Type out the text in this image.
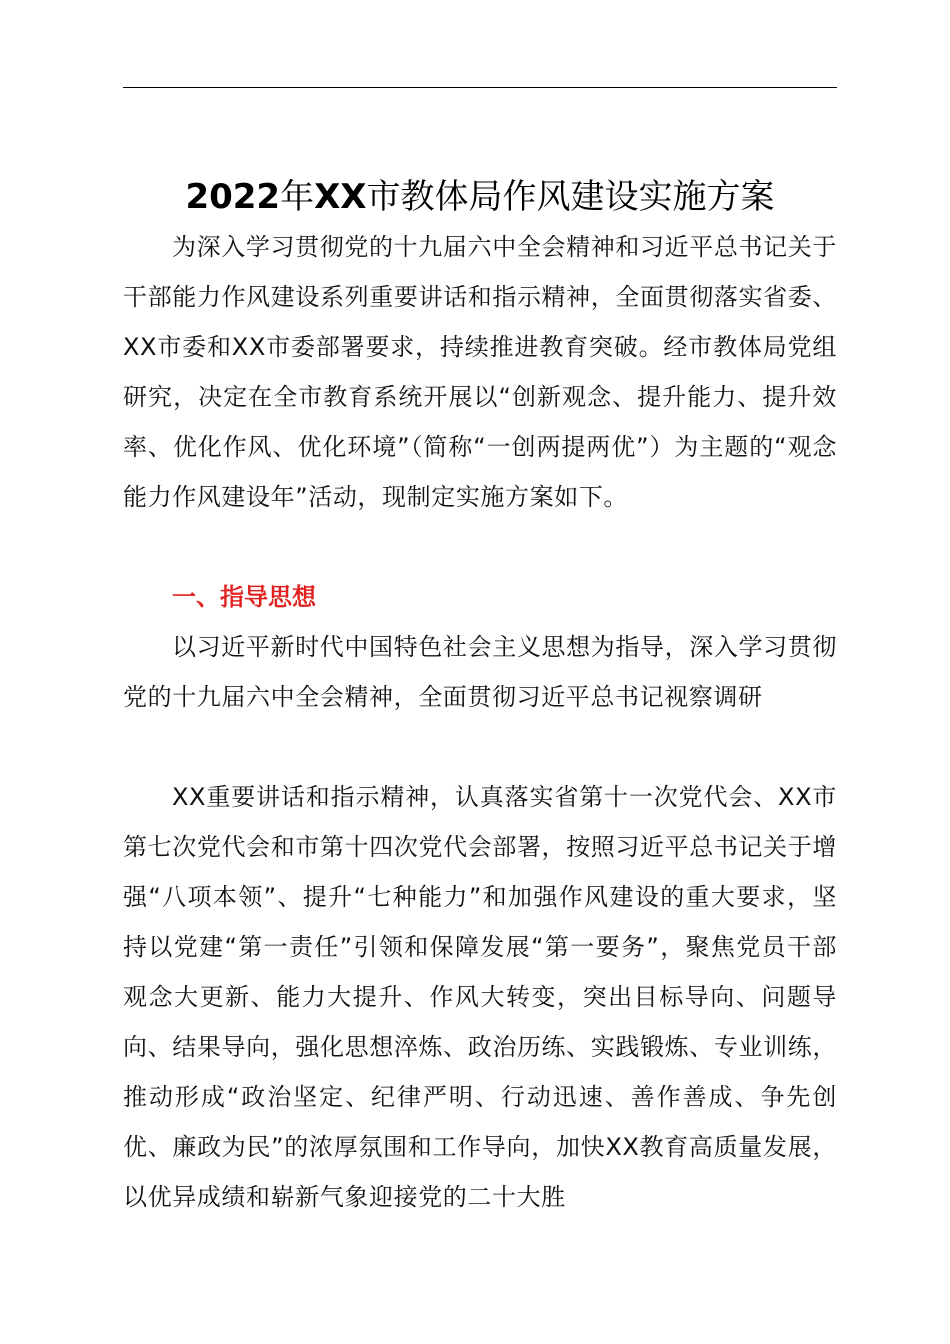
2022年XX市教体局作风建设实施方案

为深入学习贯彻党的十九届六中全会精神和习近平总书记关于干部能力作风建设系列重要讲话和指示精神，全面贯彻落实省委、XX市委和XX市委部署要求，持续推进教育突破。经市教体局党组研究，决定在全市教育系统开展以“创新观念、提升能力、提升效率、优化作风、优化环境”（简称“一创两提两优”）为主题的“观念能力作风建设年”活动，现制定实施方案如下。

一、指导思想

以习近平新时代中国特色社会主义思想为指导，深入学习贯彻党的十九届六中全会精神，全面贯彻习近平总书记视察调研

XX重要讲话和指示精神，认真落实省第十一次党代会、XX市第七次党代会和市第十四次党代会部署，按照习近平总书记关于增强“八项本领”、提升“七种能力”和加强作风建设的重大要求，坚持以党建“第一责任”引领和保障发展“第一要务”，聚焦党员干部观念大更新、能力大提升、作风大转变，突出目标导向、问题导向、结果导向，强化思想淬炼、政治历练、实践锻炼、专业训练，推动形成“政治坚定、纪律严明、行动迅速、善作善成、争先创优、廉政为民”的浓厚氛围和工作导向，加快XX教育高质量发展，以优异成绩和崭新气象迎接党的二十大胜
